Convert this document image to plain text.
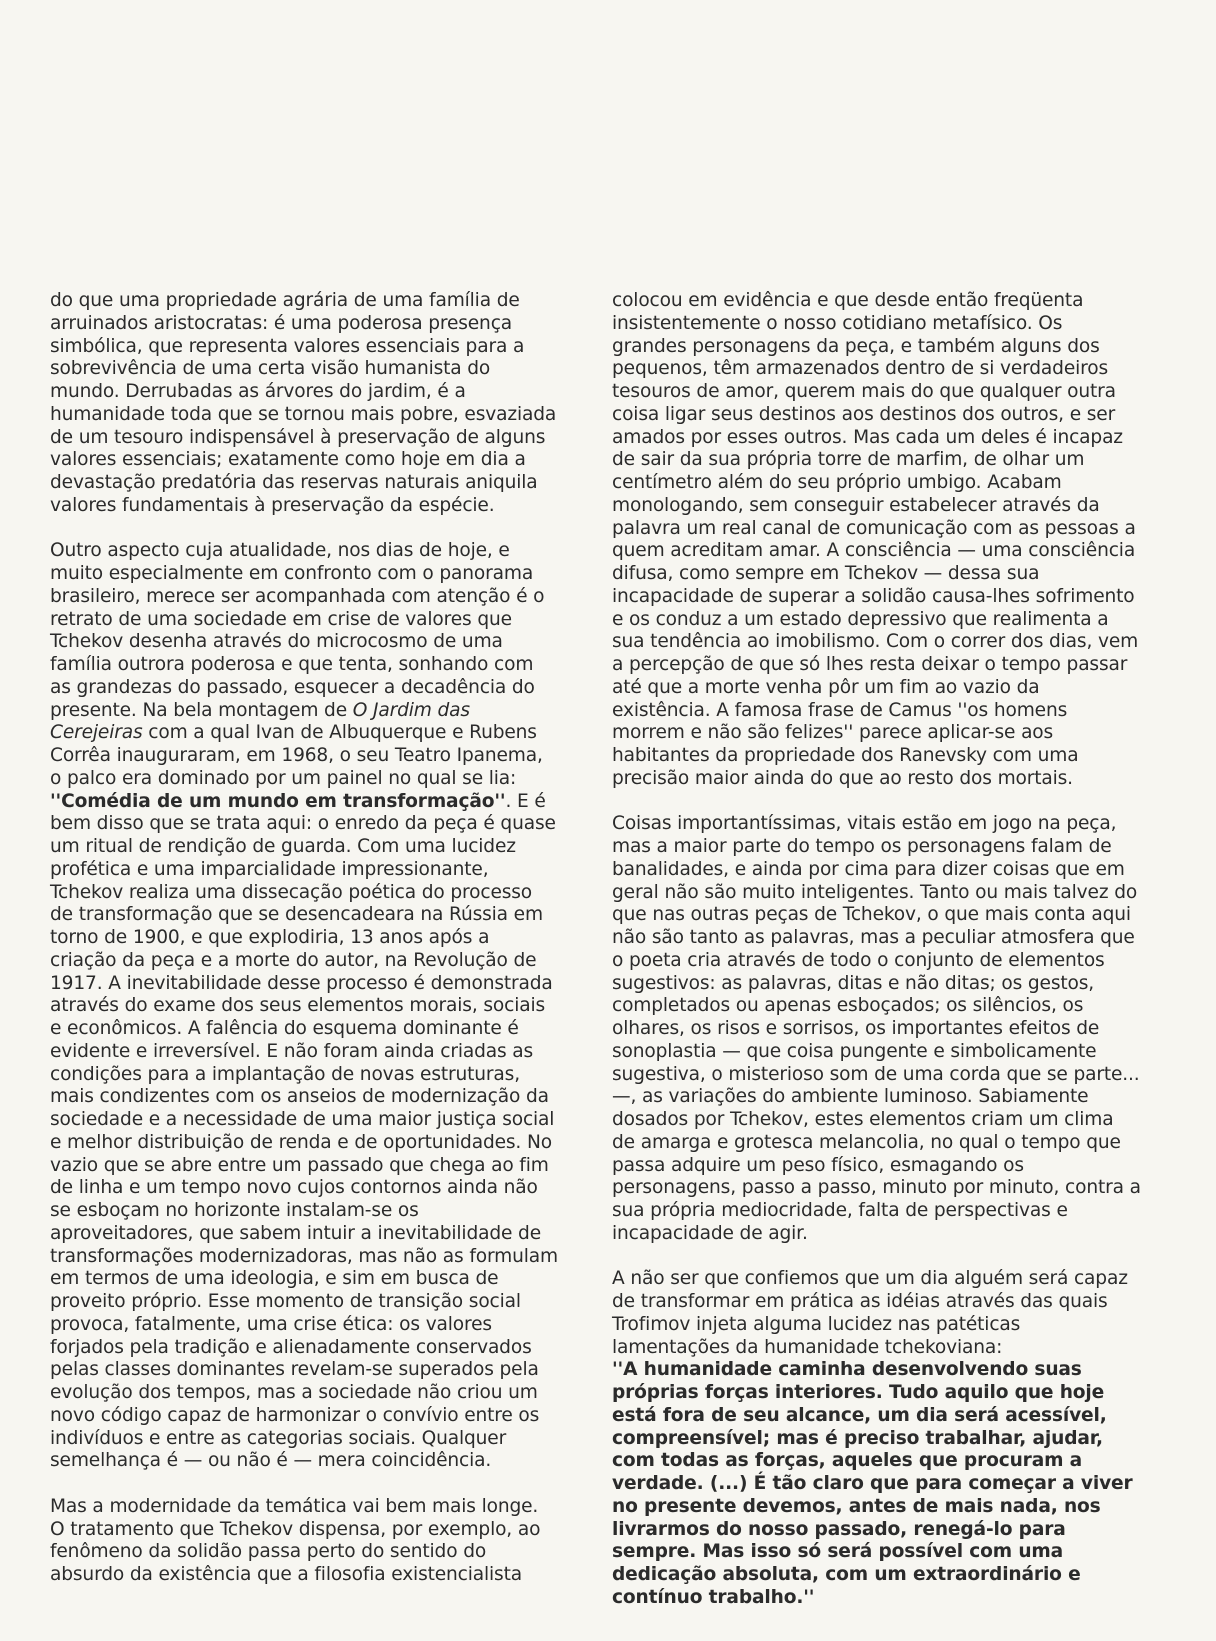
do que uma propriedade agrária de uma família de arruinados aristocratas: é uma poderosa presença simbólica, que representa valores essenciais para a sobrevivência de uma certa visão humanista do mundo. Derrubadas as árvores do jardim, é a humanidade toda que se tornou mais pobre, esvaziada de um tesouro indispensável à preservação de alguns valores essenciais; exatamente como hoje em dia a devastação predatória das reservas naturais aniquila valores fundamentais à preservação da espécie.

Outro aspecto cuja atualidade, nos dias de hoje, e muito especialmente em confronto com o panorama brasileiro, merece ser acompanhada com atenção é o retrato de uma sociedade em crise de valores que Tchekov desenha através do microcosmo de uma família outrora poderosa e que tenta, sonhando com as grandezas do passado, esquecer a decadência do presente. Na bela montagem de O Jardim das Cerejeiras com a qual Ivan de Albuquerque e Rubens Corrêa inauguraram, em 1968, o seu Teatro Ipanema, o palco era dominado por um painel no qual se lia: ''Comédia de um mundo em transformação''. E é bem disso que se trata aqui: o enredo da peça é quase um ritual de rendição de guarda. Com uma lucidez profética e uma imparcialidade impressionante, Tchekov realiza uma dissecação poética do processo de transformação que se desencadeara na Rússia em torno de 1900, e que explodiria, 13 anos após a criação da peça e a morte do autor, na Revolução de 1917. A inevitabilidade desse processo é demonstrada através do exame dos seus elementos morais, sociais e econômicos. A falência do esquema dominante é evidente e irreversível. E não foram ainda criadas as condições para a implantação de novas estruturas, mais condizentes com os anseios de modernização da sociedade e a necessidade de uma maior justiça social e melhor distribuição de renda e de oportunidades. No vazio que se abre entre um passado que chega ao fim de linha e um tempo novo cujos contornos ainda não se esboçam no horizonte instalam-se os aproveitadores, que sabem intuir a inevitabilidade de transformações modernizadoras, mas não as formulam em termos de uma ideologia, e sim em busca de proveito próprio. Esse momento de transição social provoca, fatalmente, uma crise ética: os valores forjados pela tradição e alienadamente conservados pelas classes dominantes revelam-se superados pela evolução dos tempos, mas a sociedade não criou um novo código capaz de harmonizar o convívio entre os indivíduos e entre as categorias sociais. Qualquer semelhança é — ou não é — mera coincidência.

Mas a modernidade da temática vai bem mais longe. O tratamento que Tchekov dispensa, por exemplo, ao fenômeno da solidão passa perto do sentido do absurdo da existência que a filosofia existencialista

colocou em evidência e que desde então freqüenta insistentemente o nosso cotidiano metafísico. Os grandes personagens da peça, e também alguns dos pequenos, têm armazenados dentro de si verdadeiros tesouros de amor, querem mais do que qualquer outra coisa ligar seus destinos aos destinos dos outros, e ser amados por esses outros. Mas cada um deles é incapaz de sair da sua própria torre de marfim, de olhar um centímetro além do seu próprio umbigo. Acabam monologando, sem conseguir estabelecer através da palavra um real canal de comunicação com as pessoas a quem acreditam amar. A consciência — uma consciência difusa, como sempre em Tchekov — dessa sua incapacidade de superar a solidão causa-lhes sofrimento e os conduz a um estado depressivo que realimenta a sua tendência ao imobilismo. Com o correr dos dias, vem a percepção de que só lhes resta deixar o tempo passar até que a morte venha pôr um fim ao vazio da existência. A famosa frase de Camus ''os homens morrem e não são felizes'' parece aplicar-se aos habitantes da propriedade dos Ranevsky com uma precisão maior ainda do que ao resto dos mortais.

Coisas importantíssimas, vitais estão em jogo na peça, mas a maior parte do tempo os personagens falam de banalidades, e ainda por cima para dizer coisas que em geral não são muito inteligentes. Tanto ou mais talvez do que nas outras peças de Tchekov, o que mais conta aqui não são tanto as palavras, mas a peculiar atmosfera que o poeta cria através de todo o conjunto de elementos sugestivos: as palavras, ditas e não ditas; os gestos, completados ou apenas esboçados; os silêncios, os olhares, os risos e sorrisos, os importantes efeitos de sonoplastia — que coisa pungente e simbolicamente sugestiva, o misterioso som de uma corda que se parte...—, as variações do ambiente luminoso. Sabiamente dosados por Tchekov, estes elementos criam um clima de amarga e grotesca melancolia, no qual o tempo que passa adquire um peso físico, esmagando os personagens, passo a passo, minuto por minuto, contra a sua própria mediocridade, falta de perspectivas e incapacidade de agir.

A não ser que confiemos que um dia alguém será capaz de transformar em prática as idéias através das quais Trofimov injeta alguma lucidez nas patéticas lamentações da humanidade tchekoviana:

''A humanidade caminha desenvolvendo suas próprias forças interiores. Tudo aquilo que hoje está fora de seu alcance, um dia será acessível, compreensível; mas é preciso trabalhar, ajudar, com todas as forças, aqueles que procuram a verdade. (...) É tão claro que para começar a viver no presente devemos, antes de mais nada, nos livrarmos do nosso passado, renegá-lo para sempre. Mas isso só será possível com uma dedicação absoluta, com um extraordinário e contínuo trabalho.''
